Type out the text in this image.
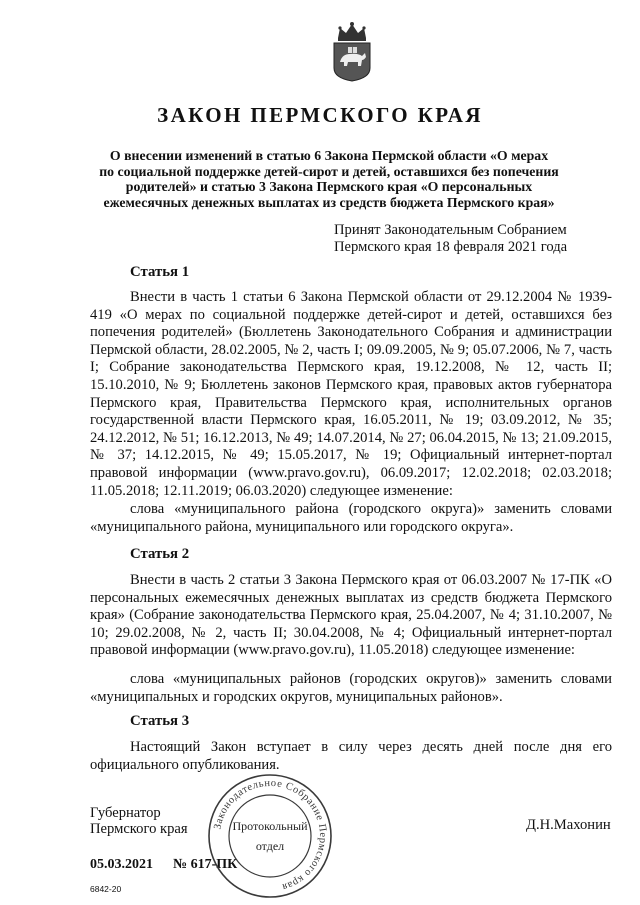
ЗАКОН ПЕРМСКОГО КРАЯ
О внесении изменений в статью 6 Закона Пермской области «О мерах
по социальной поддержке детей-сирот и детей, оставшихся без попечения
родителей» и статью 3 Закона Пермского края «О персональных
ежемесячных денежных выплатах из средств бюджета Пермского края»
Принят Законодательным Собранием
Пермского края 18 февраля 2021 года
Статья 1
Внести в часть 1 статьи 6 Закона Пермской области от 29.12.2004 № 1939-419 «О мерах по социальной поддержке детей-сирот и детей, оставшихся без попечения родителей» (Бюллетень Законодательного Собрания и администрации Пермской области, 28.02.2005, № 2, часть I; 09.09.2005, № 9; 05.07.2006, № 7, часть I; Собрание законодательства Пермского края, 19.12.2008, № 12, часть II; 15.10.2010, № 9; Бюллетень законов Пермского края, правовых актов губернатора Пермского края, Правительства Пермского края, исполнительных органов государственной власти Пермского края, 16.05.2011, № 19; 03.09.2012, № 35; 24.12.2012, № 51; 16.12.2013, № 49; 14.07.2014, № 27; 06.04.2015, № 13; 21.09.2015, № 37; 14.12.2015, № 49; 15.05.2017, № 19; Официальный интернет-портал правовой информации (www.pravo.gov.ru), 06.09.2017; 12.02.2018; 02.03.2018; 11.05.2018; 12.11.2019; 06.03.2020) следующее изменение:
слова «муниципального района (городского округа)» заменить словами «муниципального района, муниципального или городского округа».
Статья 2
Внести в часть 2 статьи 3 Закона Пермского края от 06.03.2007 № 17-ПК «О персональных ежемесячных денежных выплатах из средств бюджета Пермского края» (Собрание законодательства Пермского края, 25.04.2007, № 4; 31.10.2007, № 10; 29.02.2008, № 2, часть II; 30.04.2008, № 4; Официальный интернет-портал правовой информации (www.pravo.gov.ru), 11.05.2018) следующее изменение:
слова «муниципальных районов (городских округов)» заменить словами «муниципальных и городских округов, муниципальных районов».
Статья 3
Настоящий Закон вступает в силу через десять дней после дня его официального опубликования.
Губернатор
Пермского края	Д.Н.Махонин
05.03.2021 № 617-ПК
6842-20
Законодательное Собрание Пермского края
Протокольный
отдел
